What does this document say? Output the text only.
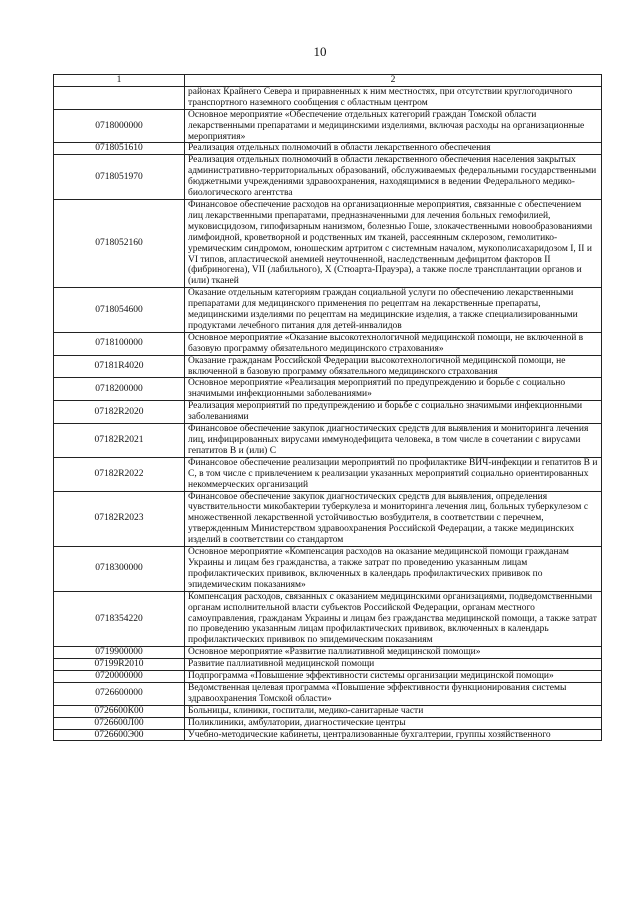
10
1	2
	районах Крайнего Севера и приравненных к ним местностях, при отсутствии круглогодичного транспортного наземного сообщения с областным центром
0718000000	Основное мероприятие «Обеспечение отдельных категорий граждан Томской области лекарственными препаратами и медицинскими изделиями, включая расходы на организационные мероприятия»
0718051610	Реализация отдельных полномочий в области лекарственного обеспечения
0718051970	Реализация отдельных полномочий в области лекарственного обеспечения населения закрытых административно-территориальных образований, обслуживаемых федеральными государственными бюджетными учреждениями здравоохранения, находящимися в ведении Федерального медико-биологического агентства
0718052160	Финансовое обеспечение расходов на организационные мероприятия, связанные с обеспечением лиц лекарственными препаратами, предназначенными для лечения больных гемофилией, муковисцидозом, гипофизарным нанизмом, болезнью Гоше, злокачественными новообразованиями лимфоидной, кроветворной и родственных им тканей, рассеянным склерозом, гемолитико-уремическим синдромом, юношеским артритом с системным началом, мукополисахаридозом I, II и VI типов, апластической анемией неуточненной, наследственным дефицитом факторов II (фибриногена), VII (лабильного), X (Стюарта-Прауэра), а также после трансплантации органов и (или) тканей
0718054600	Оказание отдельным категориям граждан социальной услуги по обеспечению лекарственными препаратами для медицинского применения по рецептам на лекарственные препараты, медицинскими изделиями по рецептам на медицинские изделия, а также специализированными продуктами лечебного питания для детей-инвалидов
0718100000	Основное мероприятие «Оказание высокотехнологичной медицинской помощи, не включенной в базовую программу обязательного медицинского страхования»
07181R4020	Оказание гражданам Российской Федерации высокотехнологичной медицинской помощи, не включенной в базовую программу обязательного медицинского страхования
0718200000	Основное мероприятие «Реализация мероприятий по предупреждению и борьбе с социально значимыми инфекционными заболеваниями»
07182R2020	Реализация мероприятий по предупреждению и борьбе с социально значимыми инфекционными заболеваниями
07182R2021	Финансовое обеспечение закупок диагностических средств для выявления и мониторинга лечения лиц, инфицированных вирусами иммунодефицита человека, в том числе в сочетании с вирусами гепатитов В и (или) С
07182R2022	Финансовое обеспечение реализации мероприятий по профилактике ВИЧ-инфекции и гепатитов В и С, в том числе с привлечением к реализации указанных мероприятий социально ориентированных некоммерческих организаций
07182R2023	Финансовое обеспечение закупок диагностических средств для выявления, определения чувствительности микобактерии туберкулеза и мониторинга лечения лиц, больных туберкулезом с множественной лекарственной устойчивостью возбудителя, в соответствии с перечнем, утвержденным Министерством здравоохранения Российской Федерации, а также медицинских изделий в соответствии со стандартом
0718300000	Основное мероприятие «Компенсация расходов на оказание медицинской помощи гражданам Украины и лицам без гражданства, а также затрат по проведению указанным лицам профилактических прививок, включенных в календарь профилактических прививок по эпидемическим показаниям»
0718354220	Компенсация расходов, связанных с оказанием медицинскими организациями, подведомственными органам исполнительной власти субъектов Российской Федерации, органам местного самоуправления, гражданам Украины и лицам без гражданства медицинской помощи, а также затрат по проведению указанным лицам профилактических прививок, включенных в календарь профилактических прививок по эпидемическим показаниям
0719900000	Основное мероприятие «Развитие паллиативной медицинской помощи»
07199R2010	Развитие паллиативной медицинской помощи
0720000000	Подпрограмма «Повышение эффективности системы организации медицинской помощи»
0726600000	Ведомственная целевая программа «Повышение эффективности функционирования системы здравоохранения Томской области»
0726600К00	Больницы, клиники, госпитали, медико-санитарные части
0726600Л00	Поликлиники, амбулатории, диагностические центры
0726600Э00	Учебно-методические кабинеты, централизованные бухгалтерии, группы хозяйственного
